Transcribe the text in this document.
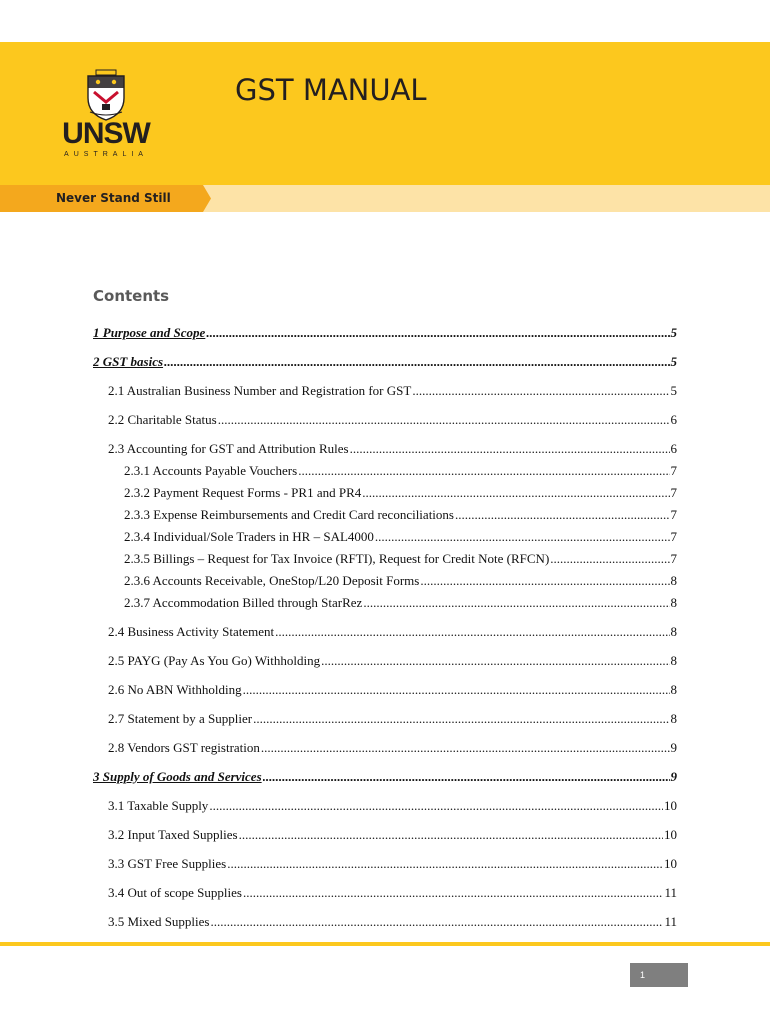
UNSW
AUSTRALIA
GST MANUAL
Never Stand Still
Contents
1 Purpose and Scope .....	5
2 GST basics .....	5
2.1 Australian Business Number and Registration for GST .....	5
2.2 Charitable Status .....	6
2.3 Accounting for GST and Attribution Rules .....	6
2.3.1 Accounts Payable Vouchers .....	7
2.3.2 Payment Request Forms - PR1 and PR4 .....	7
2.3.3 Expense Reimbursements and Credit Card reconciliations .....	7
2.3.4 Individual/Sole Traders in HR – SAL4000 .....	7
2.3.5 Billings – Request for Tax Invoice (RFTI), Request for Credit Note (RFCN) .....	7
2.3.6 Accounts Receivable, OneStop/L20 Deposit Forms .....	8
2.3.7 Accommodation Billed through StarRez .....	8
2.4 Business Activity Statement .....	8
2.5 PAYG (Pay As You Go) Withholding .....	8
2.6 No ABN Withholding .....	8
2.7 Statement by a Supplier .....	8
2.8 Vendors GST registration .....	9
3 Supply of Goods and Services .....	9
3.1 Taxable Supply .....	10
3.2 Input Taxed Supplies .....	10
3.3 GST Free Supplies .....	10
3.4 Out of scope Supplies .....	11
3.5 Mixed Supplies .....	11
1
